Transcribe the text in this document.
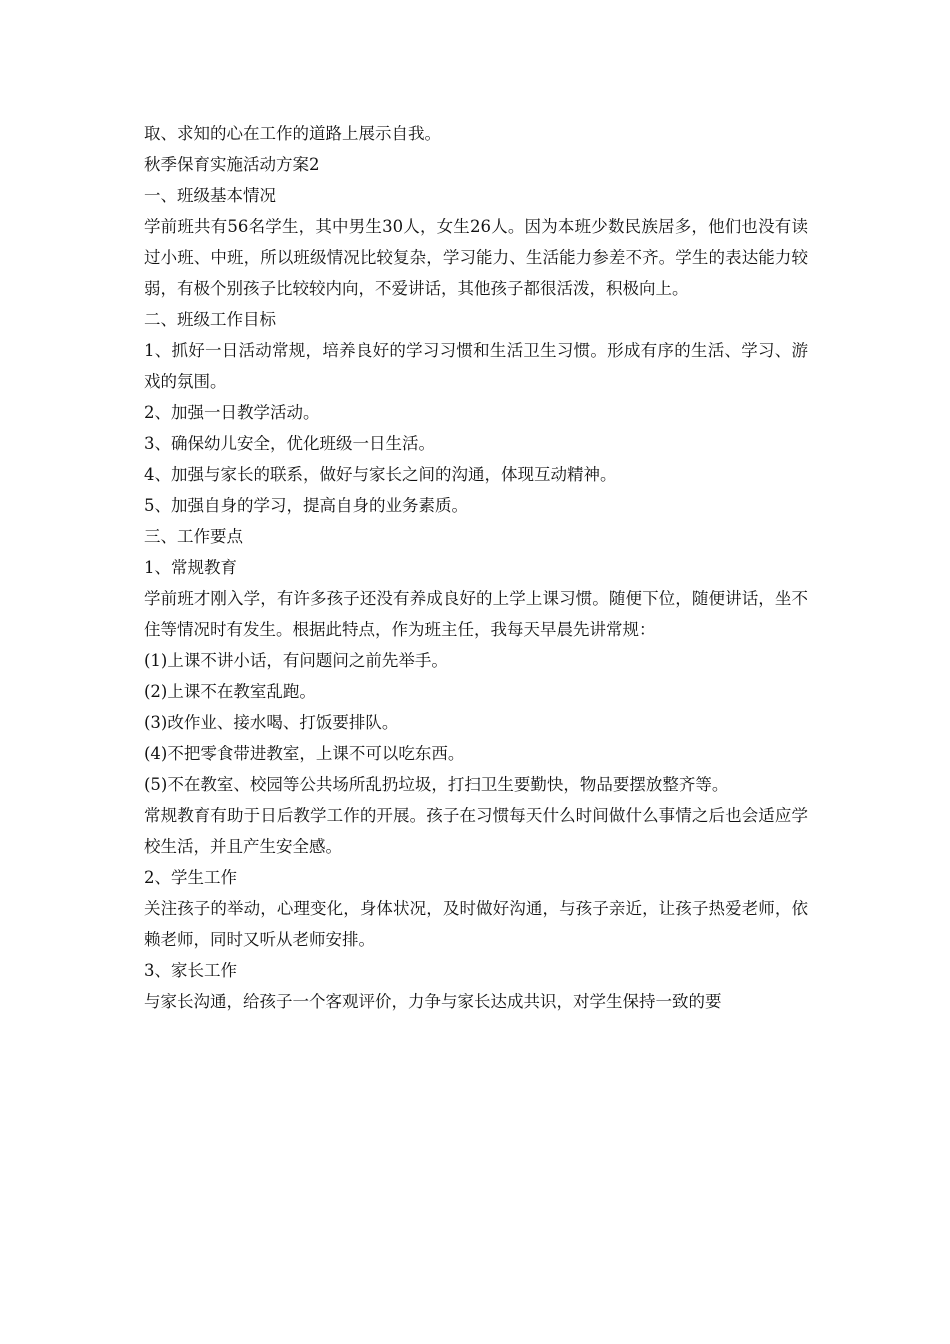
取、求知的心在工作的道路上展示自我。
秋季保育实施活动方案2
一、班级基本情况

学前班共有56名学生，其中男生30人，女生26人。因为本班少数民族居多，他们也没有读过小班、中班，所以班级情况比较复杂，学习能力、生活能力参差不齐。学生的表达能力较弱，有极个别孩子比较较内向，不爱讲话，其他孩子都很活泼，积极向上。

二、班级工作目标

1、抓好一日活动常规，培养良好的学习习惯和生活卫生习惯。形成有序的生活、学习、游戏的氛围。

2、加强一日教学活动。
3、确保幼儿安全，优化班级一日生活。
4、加强与家长的联系，做好与家长之间的沟通，体现互动精神。
5、加强自身的学习，提高自身的业务素质。
三、工作要点
1、常规教育

学前班才刚入学，有许多孩子还没有养成良好的上学上课习惯。随便下位，随便讲话，坐不住等情况时有发生。根据此特点，作为班主任，我每天早晨先讲常规：

(1)上课不讲小话，有问题问之前先举手。
(2)上课不在教室乱跑。
(3)改作业、接水喝、打饭要排队。
(4)不把零食带进教室，上课不可以吃东西。
(5)不在教室、校园等公共场所乱扔垃圾，打扫卫生要勤快，物品要摆放整齐等。

常规教育有助于日后教学工作的开展。孩子在习惯每天什么时间做什么事情之后也会适应学校生活，并且产生安全感。

2、学生工作

关注孩子的举动，心理变化，身体状况，及时做好沟通，与孩子亲近，让孩子热爱老师，依赖老师，同时又听从老师安排。

3、家长工作
与家长沟通，给孩子一个客观评价，力争与家长达成共识，对学生保持一致的要
